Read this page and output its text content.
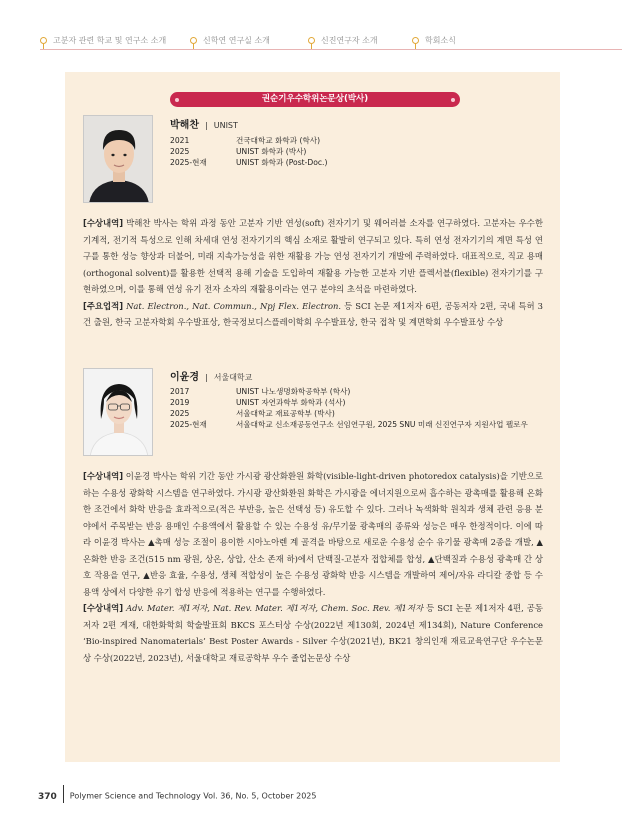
고분자 관련 학교 및 연구소 소개	신학연 연구실 소개	신진연구자 소개	학회소식
권순기우수학위논문상(박사)
박해찬  |  UNIST
2021	건국대학교 화학과 (학사)
2025	UNIST 화학과 (박사)
2025-현재	UNIST 화학과 (Post-Doc.)

[수상내역] 박해찬 박사는 학위 과정 동안 고분자 기반 연성(soft) 전자기기 및 웨어러블 소자를 연구하였다. 고분자는 우수한 기계적, 전기적 특성으로 인해 차세대 연성 전자기기의 핵심 소재로 활발히 연구되고 있다. 특히 연성 전자기기의 계면 특성 연구를 통한 성능 향상과 더불어, 미래 지속가능성을 위한 재활용 가능 연성 전자기기 개발에 주력하였다. 대표적으로, 직교 용매(orthogonal solvent)를 활용한 선택적 용해 기술을 도입하여 재활용 가능한 고분자 기반 플렉서블(flexible) 전자기기를 구현하였으며, 이를 통해 연성 유기 전자 소자의 재활용이라는 연구 분야의 초석을 마련하였다.

[주요업적] Nat. Electron., Nat. Commun., Npj Flex. Electron. 등 SCI 논문 제1저자 6편, 공동저자 2편, 국내 특허 3건 출원, 한국 고분자학회 우수발표상, 한국정보디스플레이학회 우수발표상, 한국 접착 및 계면학회 우수발표상 수상

이윤경  |  서울대학교
2017	UNIST 나노생명화학공학부 (학사)
2019	UNIST 자연과학부 화학과 (석사)
2025	서울대학교 재료공학부 (박사)
2025-현재	서울대학교 신소재공동연구소 선임연구원, 2025 SNU 미래 신진연구자 지원사업 펠로우

[수상내역] 이윤경 박사는 학위 기간 동안 가시광 광산화환원 화학(visible-light-driven photoredox catalysis)을 기반으로 하는 수용성 광화학 시스템을 연구하였다. 가시광 광산화환원 화학은 가시광을 에너지원으로써 흡수하는 광촉매를 활용해 온화한 조건에서 화학 반응을 효과적으로(적은 부반응, 높은 선택성 등) 유도할 수 있다. 그러나 녹색화학 원칙과 생체 관련 응용 분야에서 주목받는 반응 용매인 수용액에서 활용할 수 있는 수용성 유/무기물 광촉매의 종류와 성능은 매우 한정적이다. 이에 따라 이윤경 박사는 ▲촉매 성능 조절이 용이한 시아노아렌 계 골격을 바탕으로 새로운 수용성 순수 유기물 광촉매 2종을 개발, ▲온화한 반응 조건(515 nm 광원, 상온, 상압, 산소 존재 하)에서 단백질-고분자 접합체를 합성, ▲단백질과 수용성 광촉매 간 상호 작용을 연구, ▲반응 효율, 수용성, 생체 적합성이 높은 수용성 광화학 반응 시스템을 개발하여 제어/자유 라디칼 중합 등 수용액 상에서 다양한 유기 합성 반응에 적용하는 연구를 수행하였다.

[수상내역] Adv. Mater. 제1저자, Nat. Rev. Mater. 제1저자, Chem. Soc. Rev. 제1저자 등 SCI 논문 제1저자 4편, 공동저자 2편 게재, 대한화학회 학술발표회 BKCS 포스터상 수상(2022년 제130회, 2024년 제134회), Nature Conference ‘Bio-inspired Nanomaterials’ Best Poster Awards - Silver 수상(2021년), BK21 창의인재 재료교육연구단 우수논문상 수상(2022년, 2023년), 서울대학교 재료공학부 우수 졸업논문상 수상

370 Polymer Science and Technology Vol. 36, No. 5, October 2025
